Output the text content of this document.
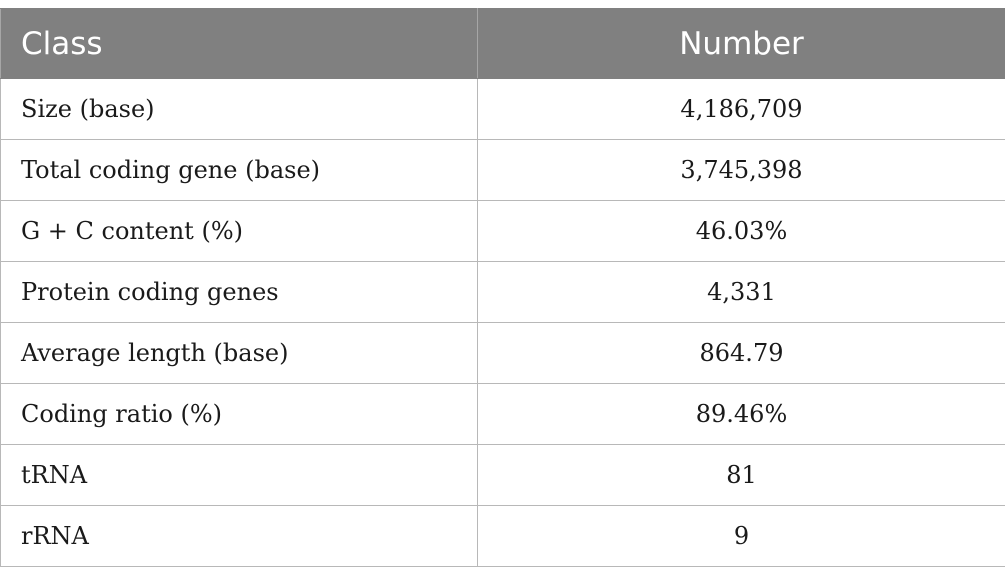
Class	Number
Size (base)	4,186,709
Total coding gene (base)	3,745,398
G + C content (%)	46.03%
Protein coding genes	4,331
Average length (base)	864.79
Coding ratio (%)	89.46%
tRNA	81
rRNA	9
